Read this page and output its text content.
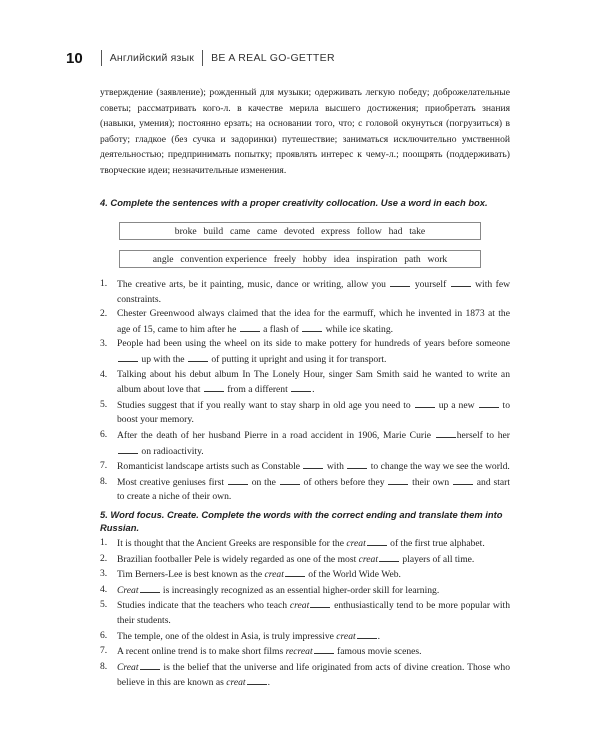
10	Английский язык BE A REAL GO-GETTER

утверждение (заявление); рожденный для музыки; одерживать легкую победу; доброжелательные советы; рассматривать кого-л. в качестве мерила высшего достижения; приобретать знания (навыки, умения); постоянно ерзать; на основании того, что; с головой окунуться (погрузиться) в работу; гладкое (без сучка и задоринки) путешествие; заниматься исключительно умственной деятельностью; предпринимать попытку; проявлять интерес к чему-л.; поощрять (поддерживать) творческие идеи; незначительные изменения.

4. Complete the sentences with a proper creativity collocation. Use a word in each box.
broke build came came devoted express follow had take
angle convention experience freely hobby idea inspiration path work
1. The creative arts, be it painting, music, dance or writing, allow you  yourself  with few constraints.
2. Chester Greenwood always claimed that the idea for the earmuff, which he invented in 1873 at the age of 15, came to him after he  a flash of  while ice skating.
3. People had been using the wheel on its side to make pottery for hundreds of years before someone  up with the  of putting it upright and using it for transport.
4. Talking about his debut album In The Lonely Hour, singer Sam Smith said he wanted to write an album about love that  from a different .
5. Studies suggest that if you really want to stay sharp in old age you need to  up a new  to boost your memory.
6. After the death of her husband Pierre in a road accident in 1906, Marie Curie herself to her  on radioactivity.
7. Romanticist landscape artists such as Constable  with  to change the way we see the world.
8. Most creative geniuses first  on the  of others before they  their own  and start to create a niche of their own.
5. Word focus. Create. Complete the words with the correct ending and translate them into Russian.
1. It is thought that the Ancient Greeks are responsible for the creat of the first true alphabet.
2. Brazilian footballer Pele is widely regarded as one of the most creat players of all time.
3. Tim Berners-Lee is best known as the creat of the World Wide Web.
4. Creat is increasingly recognized as an essential higher-order skill for learning.
5. Studies indicate that the teachers who teach creat enthusiastically tend to be more popular with their students.
6. The temple, one of the oldest in Asia, is truly impressive creat .
7. A recent online trend is to make short films recreat famous movie scenes.
8. Creat is the belief that the universe and life originated from acts of divine creation. Those who believe in this are known as creat .
